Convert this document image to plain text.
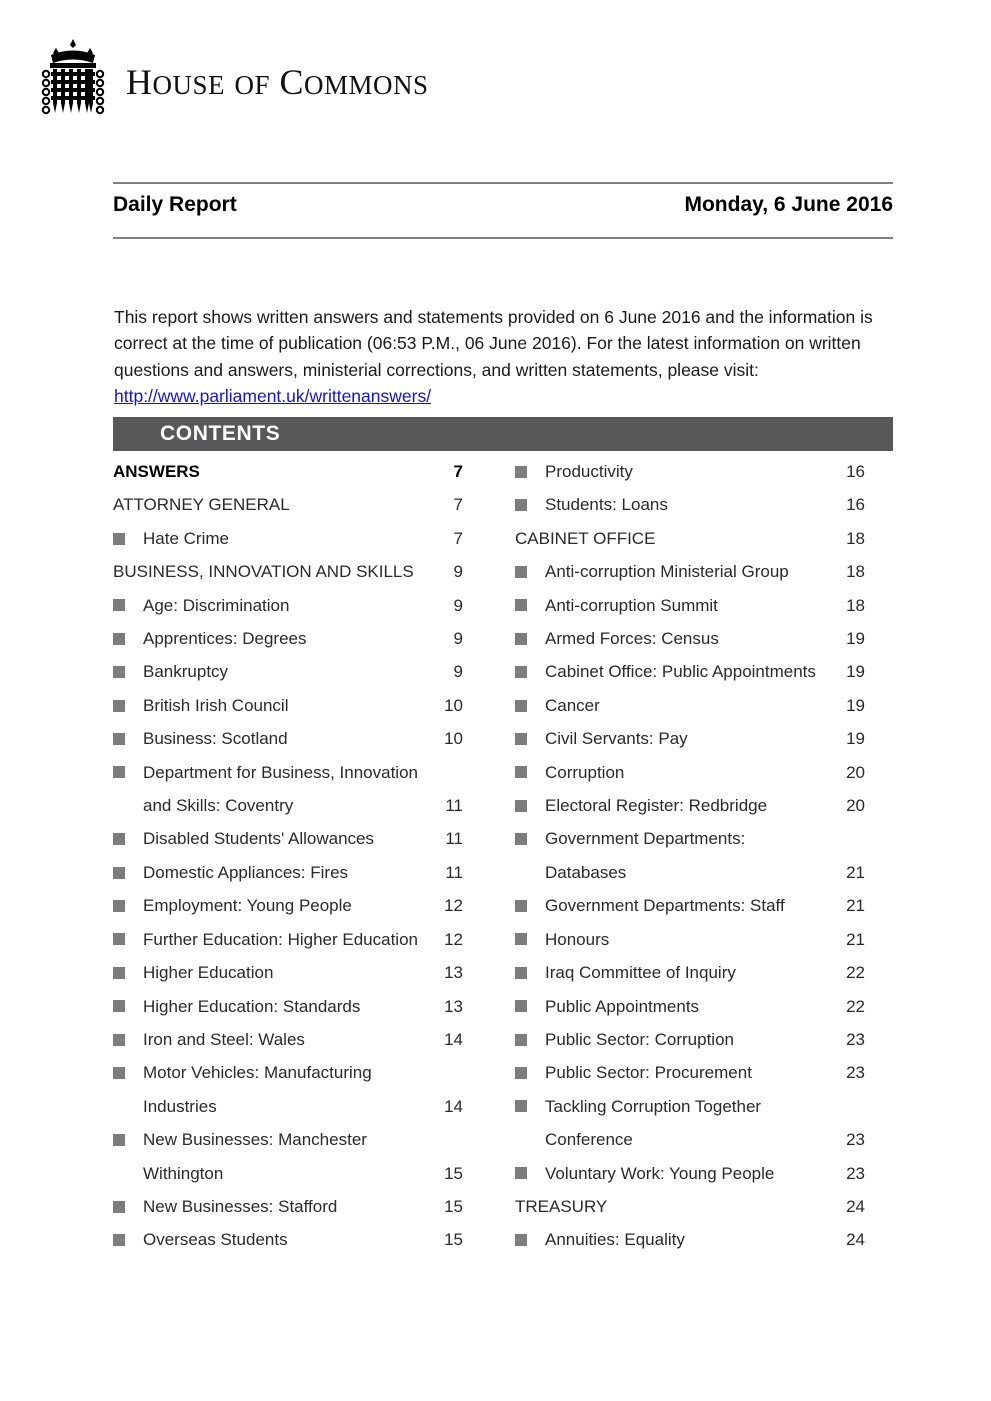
HOUSE OF COMMONS
Daily Report	Monday, 6 June 2016

This report shows written answers and statements provided on 6 June 2016 and the information is correct at the time of publication (06:53 P.M., 06 June 2016). For the latest information on written questions and answers, ministerial corrections, and written statements, please visit: http://www.parliament.uk/writtenanswers/

CONTENTS
ANSWERS	7
ATTORNEY GENERAL	7
Hate Crime	7
BUSINESS, INNOVATION AND SKILLS	9
Age: Discrimination	9
Apprentices: Degrees	9
Bankruptcy	9
British Irish Council	10
Business: Scotland	10
Department for Business, Innovation and Skills: Coventry	11
Disabled Students' Allowances	11
Domestic Appliances: Fires	11
Employment: Young People	12
Further Education: Higher Education	12
Higher Education	13
Higher Education: Standards	13
Iron and Steel: Wales	14
Motor Vehicles: Manufacturing Industries	14
New Businesses: Manchester Withington	15
New Businesses: Stafford	15
Overseas Students	15
Productivity	16
Students: Loans	16
CABINET OFFICE	18
Anti-corruption Ministerial Group	18
Anti-corruption Summit	18
Armed Forces: Census	19
Cabinet Office: Public Appointments	19
Cancer	19
Civil Servants: Pay	19
Corruption	20
Electoral Register: Redbridge	20
Government Departments: Databases	21
Government Departments: Staff	21
Honours	21
Iraq Committee of Inquiry	22
Public Appointments	22
Public Sector: Corruption	23
Public Sector: Procurement	23
Tackling Corruption Together Conference	23
Voluntary Work: Young People	23
TREASURY	24
Annuities: Equality	24
